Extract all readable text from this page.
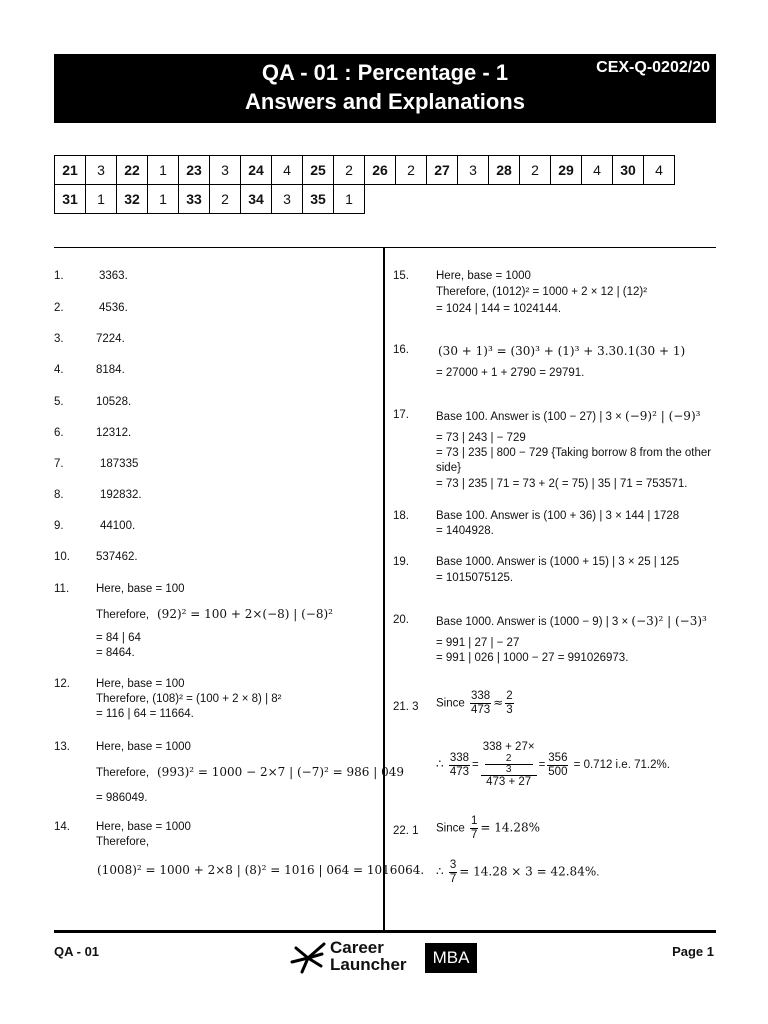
QA - 01 : Percentage - 1
Answers and Explanations
CEX-Q-0202/20
21	3	22	1	23	3	24	4	25	2	26	2	27	3	28	2	29	4	30	4
31	1	32	1	33	2	34	3	35	1										
1.	3363.
2.	4536.
3.	7224.
4.	8184.
5.	10528.
6.	12312.
7.	187335
8.	192832.
9.	44100.
10. 537462.
11. Here, base = 100
Therefore, (92)² = 100 + 2×(−8) | (−8)²
= 84 | 64
= 8464.
12. Here, base = 100
Therefore, (108)² = (100 + 2 × 8) | 8²
= 116 | 64 = 11664.
13. Here, base = 1000
Therefore, (993)² = 1000 − 2×7 | (−7)² = 986 | 049
= 986049.
14. Here, base = 1000
Therefore,
(1008)² = 1000 + 2×8 | (8)² = 1016 | 064 = 1016064.
15. Here, base = 1000
Therefore, (1012)² = 1000 + 2 × 12 | (12)²
= 1024 | 144 = 1024144.
16. (30 + 1)³ = (30)³ + (1)³ + 3.30.1(30 + 1)
= 27000 + 1 + 2790 = 29791.
17. Base 100. Answer is (100 − 27) | 3 × (−9)² | (−9)³
= 73 | 243 | − 729
= 73 | 235 | 800 − 729 {Taking borrow 8 from the other
side}
= 73 | 235 | 71 = 73 + 2( = 75) | 35 | 71 = 753571.
18. Base 100. Answer is (100 + 36) | 3 × 144 | 1728
= 1404928.
19. Base 1000. Answer is (1000 + 15) | 3 × 25 | 125
= 1015075125.
20. Base 1000. Answer is (1000 − 9) | 3 × (−3)² | (−3)³
= 991 | 27 | − 27
= 991 | 026 | 1000 − 27 = 991026973.
21. 3 Since $\frac{338}{473} \approx \frac{2}{3}$
∴ $\frac{338}{473} = 338 + 27\times$
2
3
$473 + 27 = \frac{356}{500} = 0.712$ i.e. 71.2%.
22. 1 Since $\frac{1}{7} = 14.28\%$
∴ $\frac{3}{7} = 14.28 \times 3 = 42.84\%$.
QA - 01	Career
Launcher	MBA	Page 1
